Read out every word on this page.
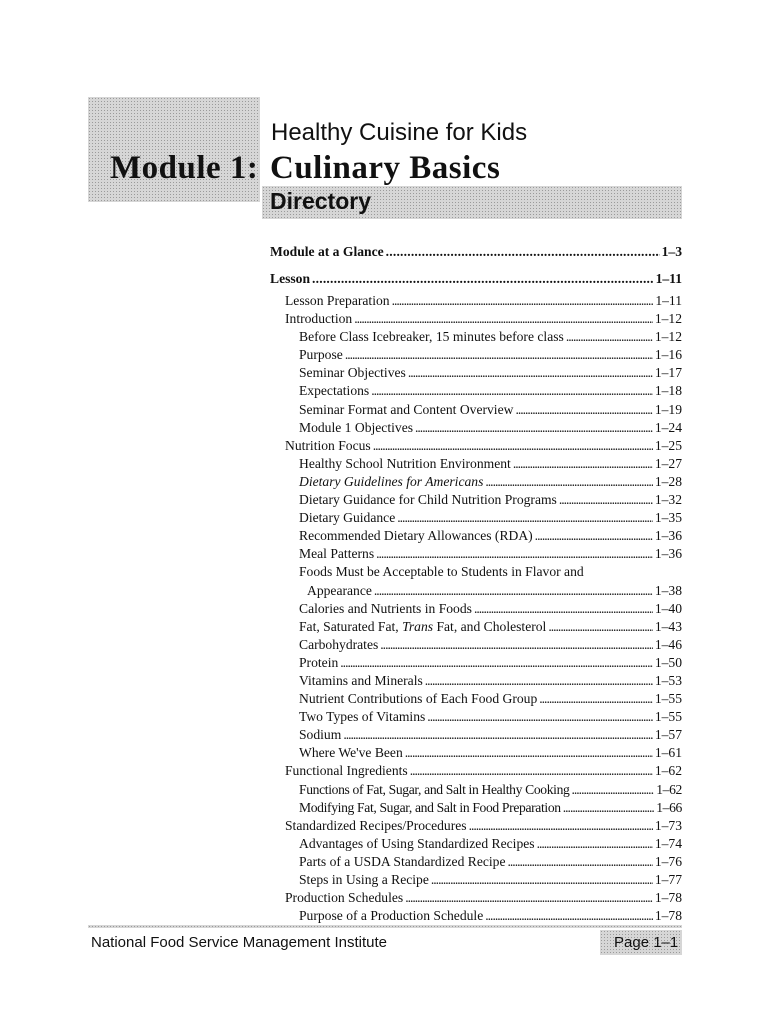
Module 1:
Healthy Cuisine for Kids
Culinary Basics
Directory
Module at a Glance . . .	1–3
Lesson . . .	1–11
Lesson Preparation . . .	1–11
Introduction . . .	1–12
Before Class Icebreaker, 15 minutes before class . . .	1–12
Purpose . . .	1–16
Seminar Objectives . . .	1–17
Expectations . . .	1–18
Seminar Format and Content Overview . . .	1–19
Module 1 Objectives . . .	1–24
Nutrition Focus . . .	1–25
Healthy School Nutrition Environment . . .	1–27
Dietary Guidelines for Americans . . .	1–28
Dietary Guidance for Child Nutrition Programs . . .	1–32
Dietary Guidance . . .	1–35
Recommended Dietary Allowances (RDA) . . .	1–36
Meal Patterns . . .	1–36
Foods Must be Acceptable to Students in Flavor and
Appearance . . .	1–38
Calories and Nutrients in Foods . . .	1–40
Fat, Saturated Fat, Trans Fat, and Cholesterol . . .	1–43
Carbohydrates . . .	1–46
Protein . . .	1–50
Vitamins and Minerals . . .	1–53
Nutrient Contributions of Each Food Group . . .	1–55
Two Types of Vitamins . . .	1–55
Sodium . . .	1–57
Where We've Been . . .	1–61
Functional Ingredients . . .	1–62
Functions of Fat, Sugar, and Salt in Healthy Cooking . . .	1–62
Modifying Fat, Sugar, and Salt in Food Preparation . . .	1–66
Standardized Recipes/Procedures . . .	1–73
Advantages of Using Standardized Recipes . . .	1–74
Parts of a USDA Standardized Recipe . . .	1–76
Steps in Using a Recipe . . .	1–77
Production Schedules . . .	1–78
Purpose of a Production Schedule . . .	1–78
National Food Service Management Institute	Page 1–1
